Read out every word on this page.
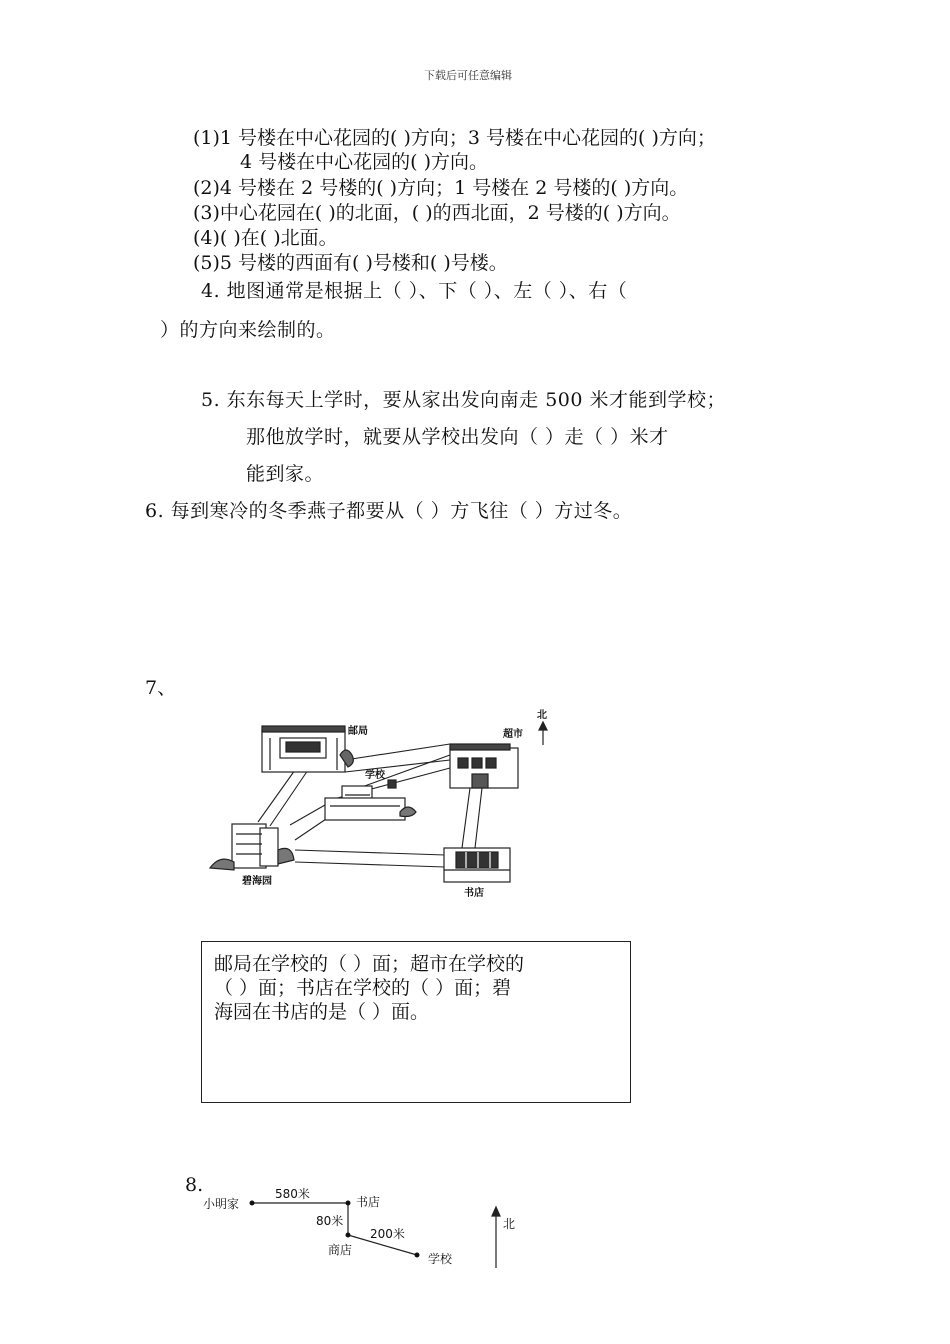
下载后可任意编辑
(1)1 号楼在中心花园的( )方向；3 号楼在中心花园的( )方向；
4 号楼在中心花园的( )方向。
(2)4 号楼在 2 号楼的( )方向；1 号楼在 2 号楼的( )方向。
(3)中心花园在( )的北面，( )的西北面，2 号楼的( )方向。
(4)( )在( )北面。
(5)5 号楼的西面有( )号楼和( )号楼。
4. 地图通常是根据上（ ）、下（ ）、左（ ）、右（
）的方向来绘制的。
5. 东东每天上学时，要从家出发向南走 500 米才能到学校；
那他放学时，就要从学校出发向（ ）走（ ）米才
能到家。
6. 每到寒冷的冬季燕子都要从（ ）方飞往（ ）方过冬。
7、
邮局	超市
北
学校
碧海园
书店
邮局在学校的（ ）面；超市在学校的
（ ）面；书店在学校的（ ）面；碧
海园在书店的是（ ）面。
8.
小明家
580米
书店
80米
200米
商店
学校
北
